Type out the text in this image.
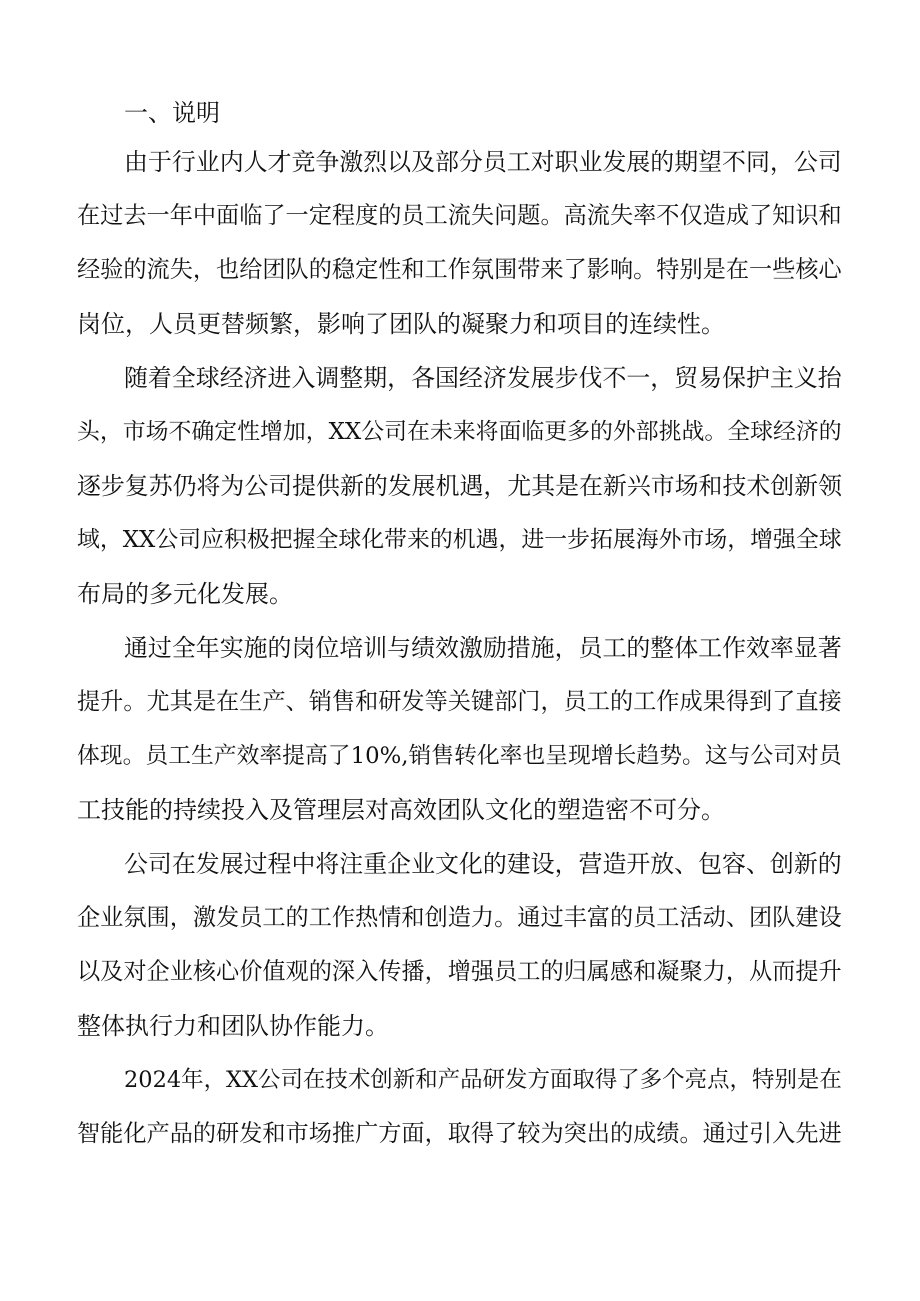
一、说明
由于行业内人才竞争激烈以及部分员工对职业发展的期望不同，公司
在过去一年中面临了一定程度的员工流失问题。高流失率不仅造成了知识和
经验的流失，也给团队的稳定性和工作氛围带来了影响。特别是在一些核心
岗位，人员更替频繁，影响了团队的凝聚力和项目的连续性。
随着全球经济进入调整期，各国经济发展步伐不一，贸易保护主义抬
头，市场不确定性增加，XX公司在未来将面临更多的外部挑战。全球经济的
逐步复苏仍将为公司提供新的发展机遇，尤其是在新兴市场和技术创新领
域，XX公司应积极把握全球化带来的机遇，进一步拓展海外市场，增强全球
布局的多元化发展。
通过全年实施的岗位培训与绩效激励措施，员工的整体工作效率显著
提升。尤其是在生产、销售和研发等关键部门，员工的工作成果得到了直接
体现。员工生产效率提高了10%,销售转化率也呈现增长趋势。这与公司对员
工技能的持续投入及管理层对高效团队文化的塑造密不可分。
公司在发展过程中将注重企业文化的建设，营造开放、包容、创新的
企业氛围，激发员工的工作热情和创造力。通过丰富的员工活动、团队建设
以及对企业核心价值观的深入传播，增强员工的归属感和凝聚力，从而提升
整体执行力和团队协作能力。
2024年，XX公司在技术创新和产品研发方面取得了多个亮点，特别是在
智能化产品的研发和市场推广方面，取得了较为突出的成绩。通过引入先进
